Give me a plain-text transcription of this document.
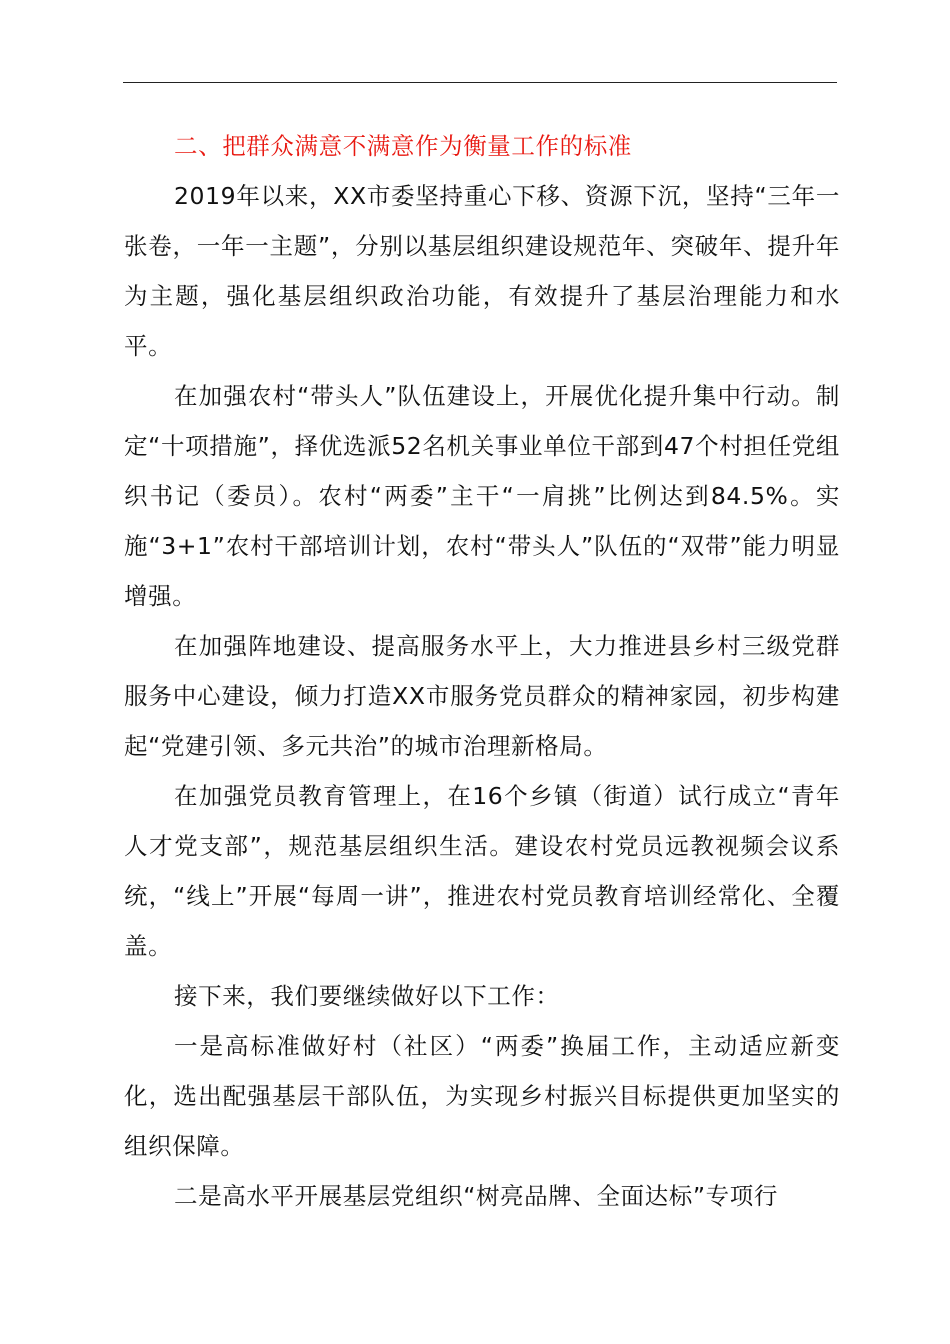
二、把群众满意不满意作为衡量工作的标准

2019年以来，XX市委坚持重心下移、资源下沉，坚持“三年一张卷，一年一主题”，分别以基层组织建设规范年、突破年、提升年为主题，强化基层组织政治功能，有效提升了基层治理能力和水平。

在加强农村“带头人”队伍建设上，开展优化提升集中行动。制定“十项措施”，择优选派52名机关事业单位干部到47个村担任党组织书记（委员）。农村“两委”主干“一肩挑”比例达到84.5%。实施“3+1”农村干部培训计划，农村“带头人”队伍的“双带”能力明显增强。

在加强阵地建设、提高服务水平上，大力推进县乡村三级党群服务中心建设，倾力打造XX市服务党员群众的精神家园，初步构建起“党建引领、多元共治”的城市治理新格局。

在加强党员教育管理上，在16个乡镇（街道）试行成立“青年人才党支部”，规范基层组织生活。建设农村党员远教视频会议系统，“线上”开展“每周一讲”，推进农村党员教育培训经常化、全覆盖。

接下来，我们要继续做好以下工作：

一是高标准做好村（社区）“两委”换届工作，主动适应新变化，选出配强基层干部队伍，为实现乡村振兴目标提供更加坚实的组织保障。

二是高水平开展基层党组织“树亮品牌、全面达标”专项行
